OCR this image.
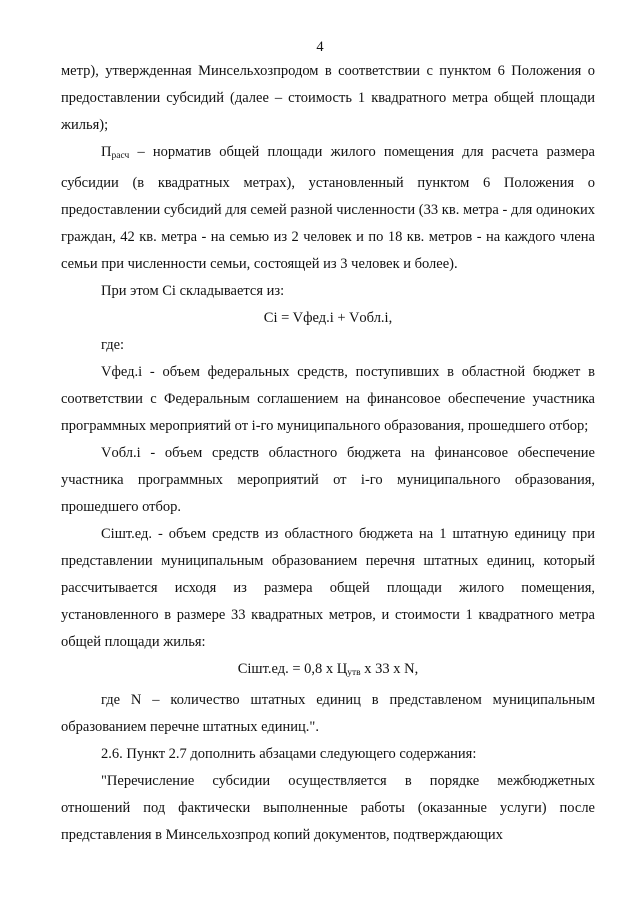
4

метр), утвержденная Минсельхозпродом в соответствии с пунктом 6 Положения о предоставлении субсидий (далее – стоимость 1 квадратного метра общей площади жилья);

$П_{расч}$ – норматив общей площади жилого помещения для расчета размера субсидии (в квадратных метрах), установленный пунктом 6 Положения о предоставлении субсидий для семей разной численности (33 кв. метра - для одиноких граждан, 42 кв. метра - на семью из 2 человек и по 18 кв. метров - на каждого члена семьи при численности семьи, состоящей из 3 человек и более).

При этом Ci складывается из:

Ci = Vфед.i + Vобл.i,

где:

Vфед.i - объем федеральных средств, поступивших в областной бюджет в соответствии с Федеральным соглашением на финансовое обеспечение участника программных мероприятий от i-го муниципального образования, прошедшего отбор;

Vобл.i - объем средств областного бюджета на финансовое обеспечение участника программных мероприятий от i-го муниципального образования, прошедшего отбор.

Ciшт.ед. - объем средств из областного бюджета на 1 штатную единицу при представлении муниципальным образованием перечня штатных единиц, который рассчитывается исходя из размера общей площади жилого помещения, установленного в размере 33 квадратных метров, и стоимости 1 квадратного метра общей площади жилья:

Ciшт.ед. = 0,8 х $Ц_{утв}$ х 33 х N,

где N – количество штатных единиц в представленом муниципальным образованием перечне штатных единиц.".

2.6. Пункт 2.7 дополнить абзацами следующего содержания:

"Перечисление субсидии осуществляется в порядке межбюджетных отношений под фактически выполненные работы (оказанные услуги) после представления в Минсельхозпрод копий документов, подтверждающих
